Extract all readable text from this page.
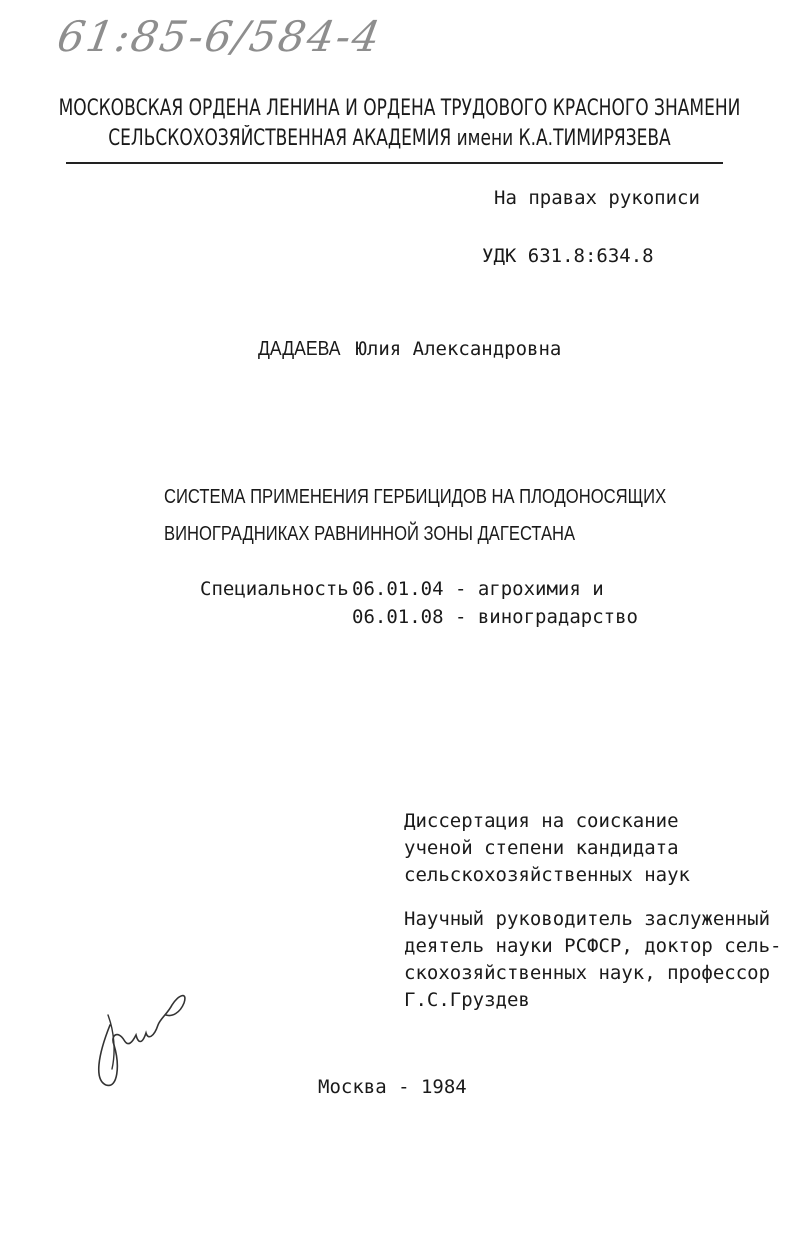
61:85-6/584-4
МОСКОВСКАЯ ОРДЕНА ЛЕНИНА И ОРДЕНА ТРУДОВОГО КРАСНОГО ЗНАМЕНИ
СЕЛЬСКОХОЗЯЙСТВЕННАЯ АКАДЕМИЯ имени К.А.ТИМИРЯЗЕВА
На правах рукописи
УДК 631.8:634.8
ДАДАЕВА Юлия Александровна
СИСТЕМА ПРИМЕНЕНИЯ ГЕРБИЦИДОВ НА ПЛОДОНОСЯЩИХ
ВИНОГРАДНИКАХ РАВНИННОЙ ЗОНЫ ДАГЕСТАНА
Специальность 06.01.04 - агрохимия и
06.01.08 - виноградарство
Диссертация на соискание
ученой степени кандидата
сельскохозяйственных наук
Научный руководитель заслуженный
деятель науки РСФСР, доктор сель-
скохозяйственных наук, профессор
Г.С.Груздев
Москва - 1984
